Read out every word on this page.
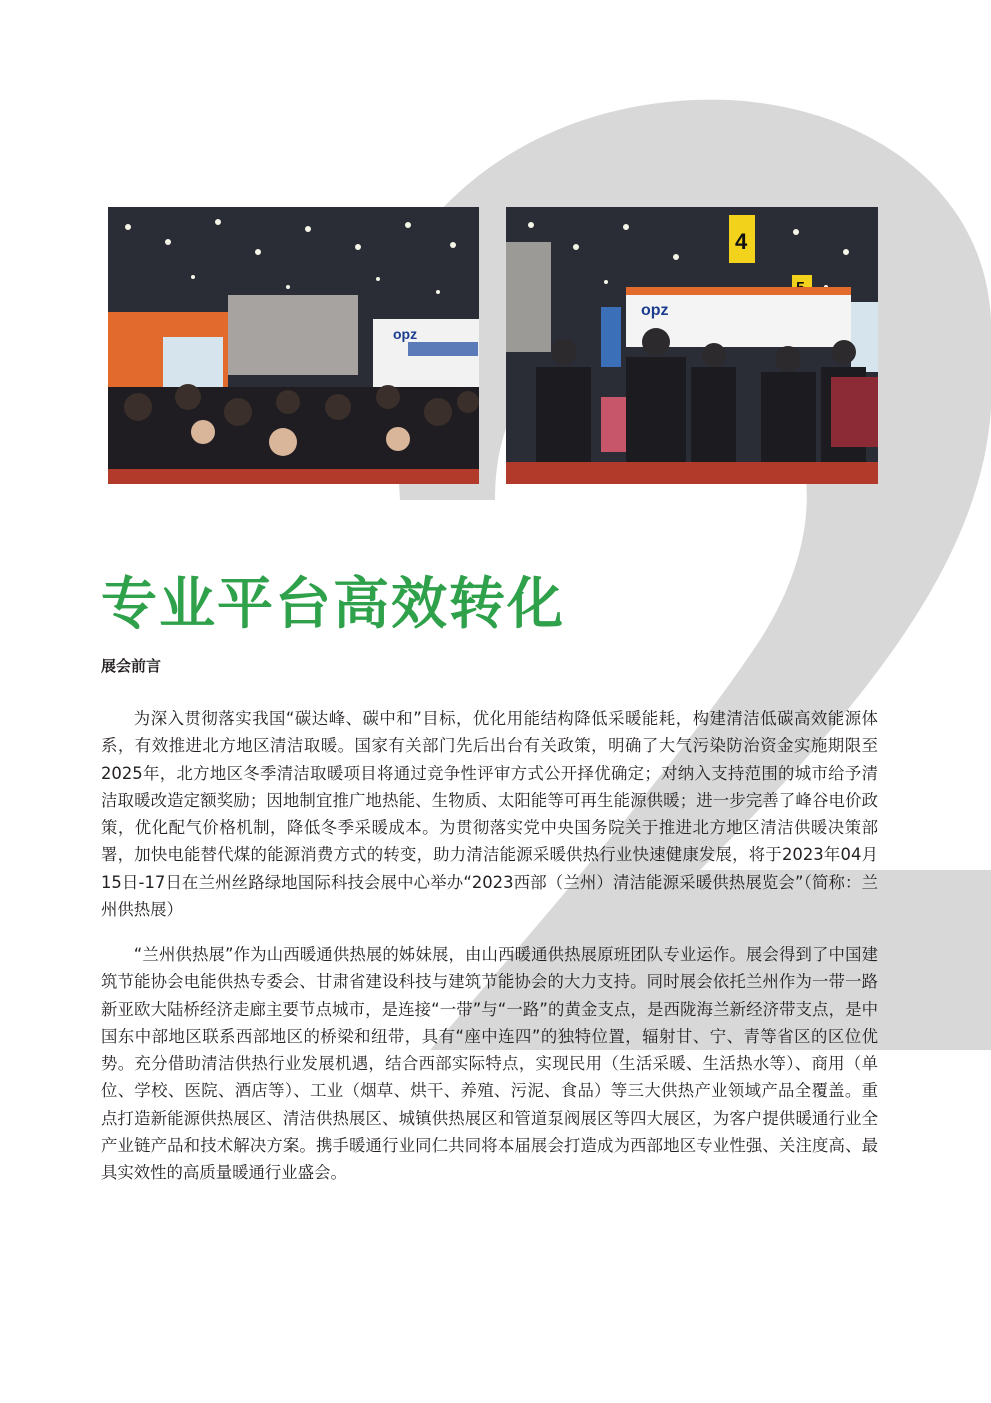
opz
4
opz
专业平台高效转化
展会前言

为深入贯彻落实我国“碳达峰、碳中和”目标，优化用能结构降低采暖能耗，构建清洁低碳高效能源体系，有效推进北方地区清洁取暖。国家有关部门先后出台有关政策，明确了大气污染防治资金实施期限至2025年，北方地区冬季清洁取暖项目将通过竞争性评审方式公开择优确定；对纳入支持范围的城市给予清洁取暖改造定额奖励；因地制宜推广地热能、生物质、太阳能等可再生能源供暖；进一步完善了峰谷电价政策，优化配气价格机制，降低冬季采暖成本。为贯彻落实党中央国务院关于推进北方地区清洁供暖决策部署，加快电能替代煤的能源消费方式的转变，助力清洁能源采暖供热行业快速健康发展，将于2023年04月15日-17日在兰州丝路绿地国际科技会展中心举办“2023西部（兰州）清洁能源采暖供热展览会”（简称：兰州供热展）

“兰州供热展”作为山西暖通供热展的姊妹展，由山西暖通供热展原班团队专业运作。展会得到了中国建筑节能协会电能供热专委会、甘肃省建设科技与建筑节能协会的大力支持。同时展会依托兰州作为一带一路新亚欧大陆桥经济走廊主要节点城市，是连接“一带”与“一路”的黄金支点，是西陇海兰新经济带支点，是中国东中部地区联系西部地区的桥梁和纽带，具有“座中连四”的独特位置，辐射甘、宁、青等省区的区位优势。充分借助清洁供热行业发展机遇，结合西部实际特点，实现民用（生活采暖、生活热水等）、商用（单位、学校、医院、酒店等）、工业（烟草、烘干、养殖、污泥、食品）等三大供热产业领域产品全覆盖。重点打造新能源供热展区、清洁供热展区、城镇供热展区和管道泵阀展区等四大展区，为客户提供暖通行业全产业链产品和技术解决方案。携手暖通行业同仁共同将本届展会打造成为西部地区专业性强、关注度高、最具实效性的高质量暖通行业盛会。
